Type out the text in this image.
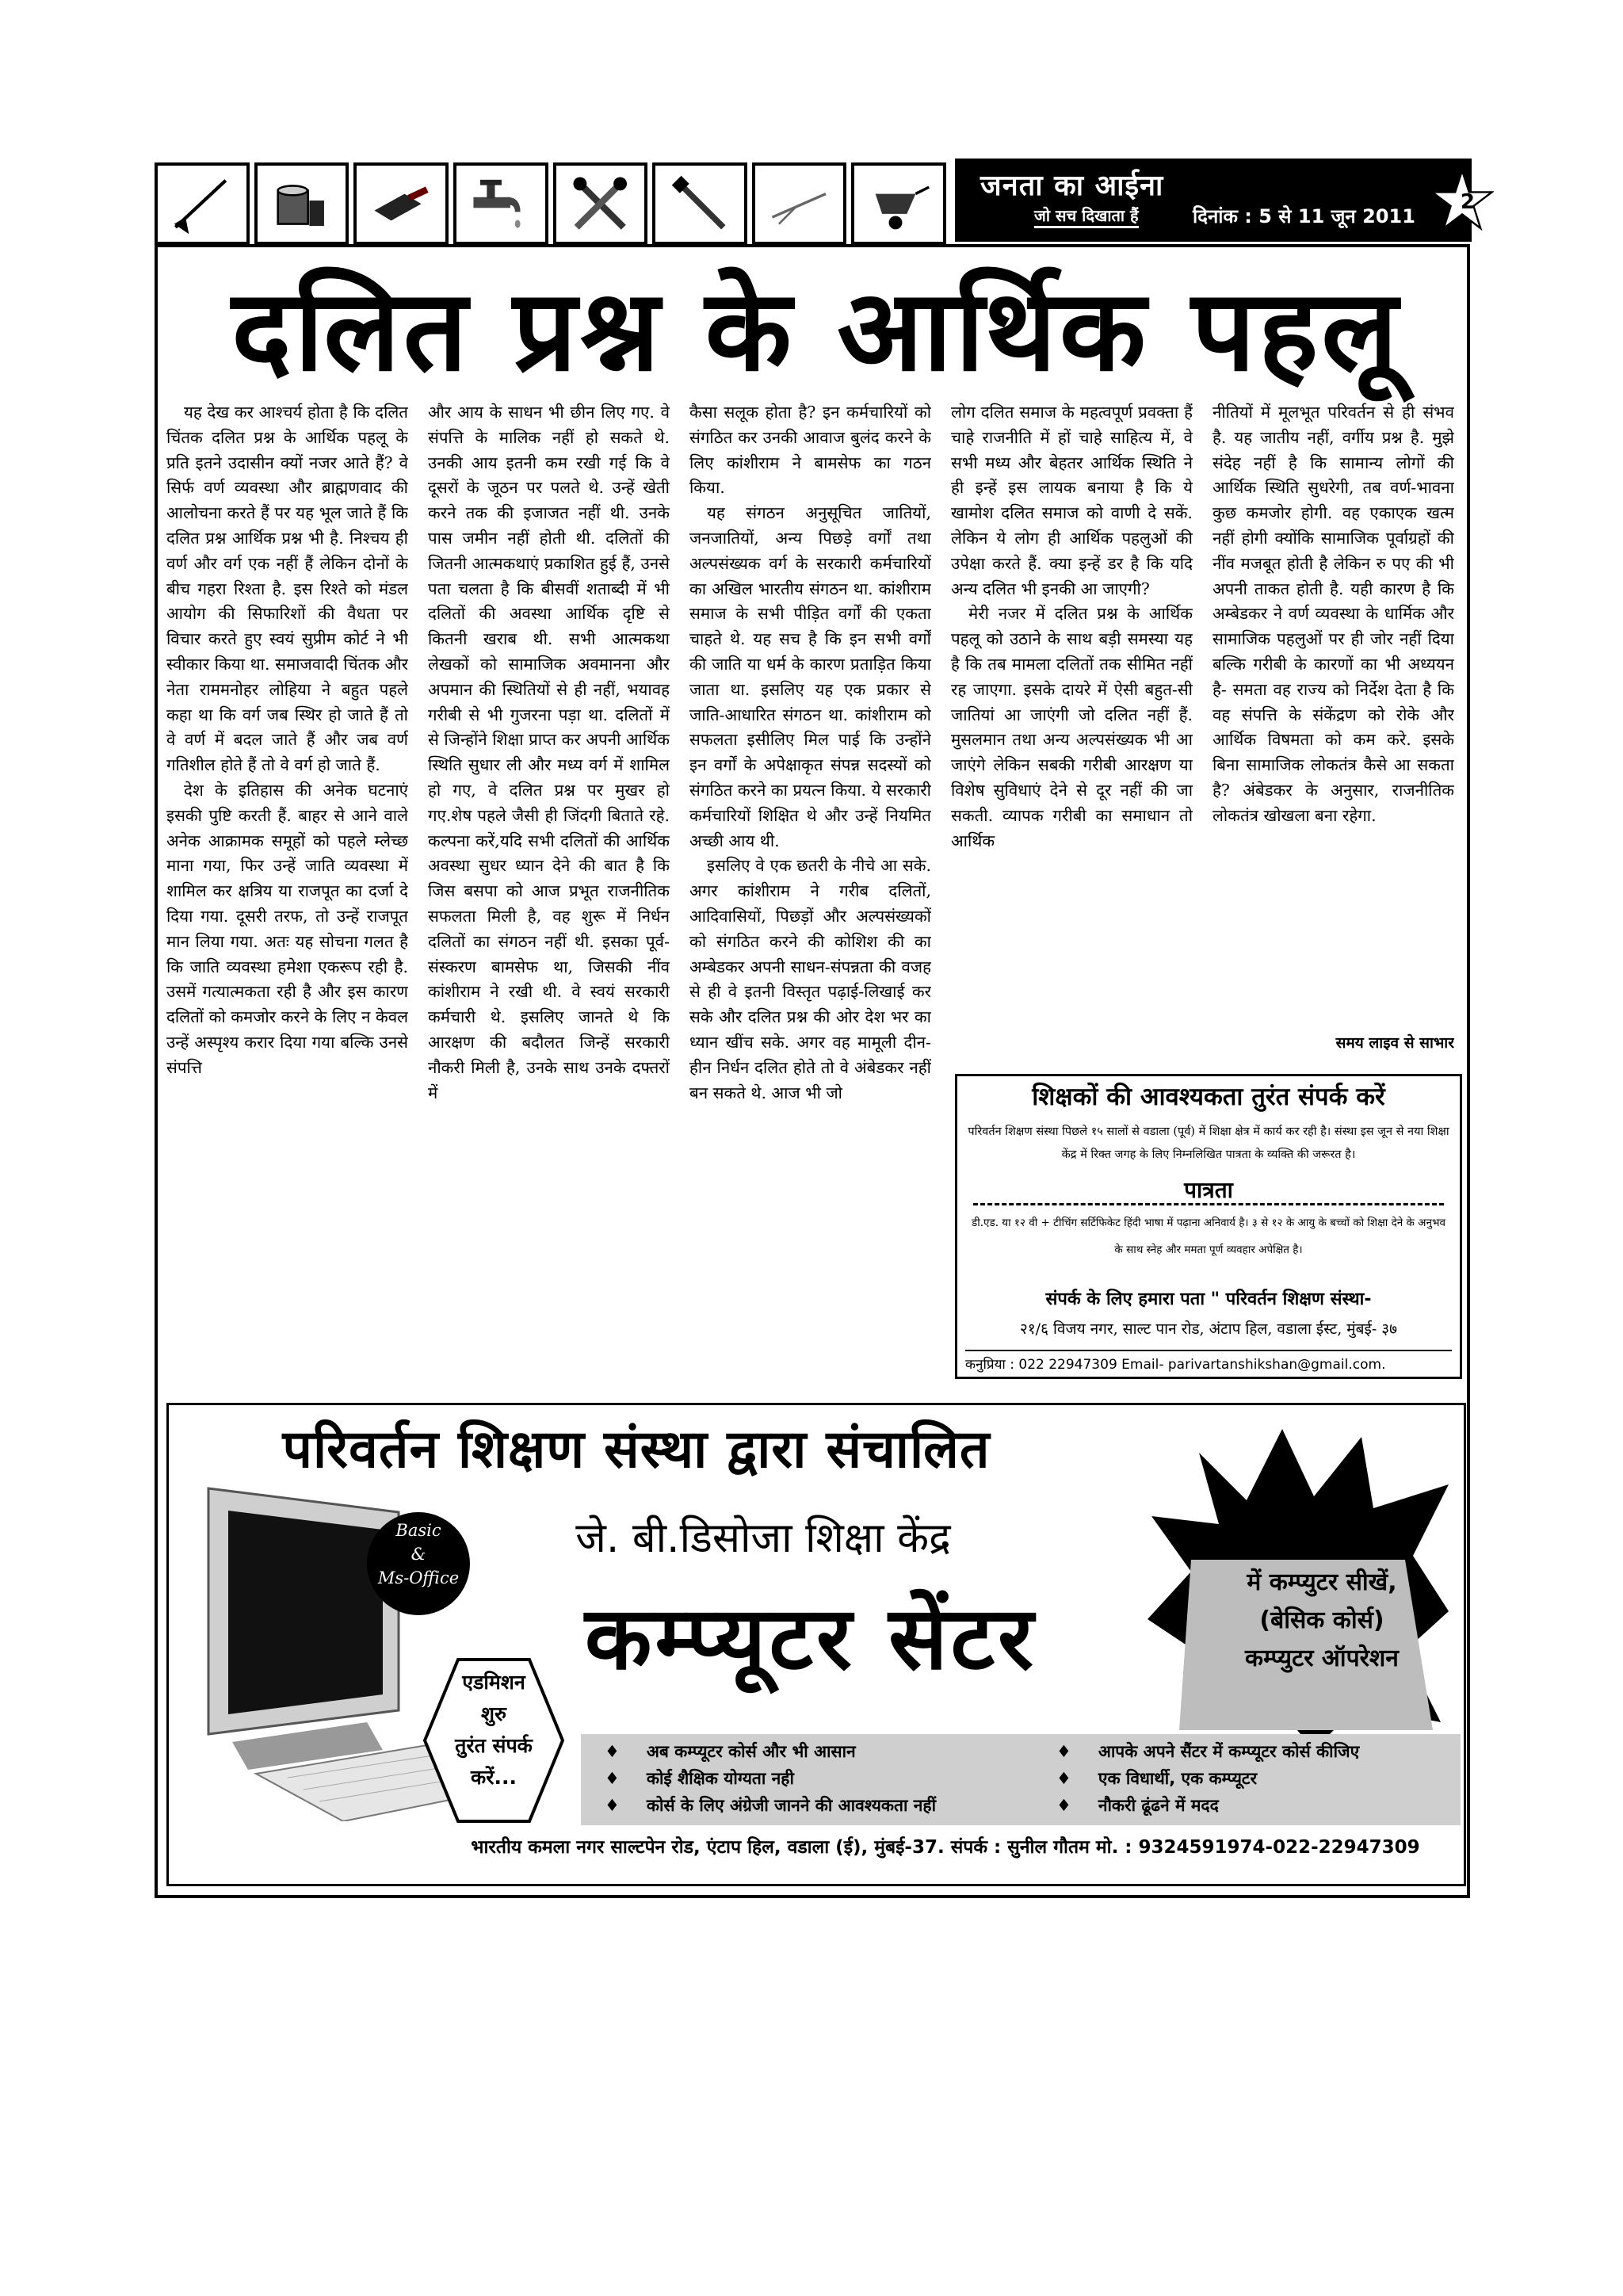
जनता का आईना
जो सच दिखाता हैं	दिनांक : 5 से 11 जून 2011
2
दलित प्रश्न के आर्थिक पहलू

यह देख कर आश्चर्य होता है कि दलित चिंतक दलित प्रश्न के आर्थिक पहलू के प्रति इतने उदासीन क्यों नजर आते हैं? वे सिर्फ वर्ण व्यवस्था और ब्राह्मणवाद की आलोचना करते हैं पर यह भूल जाते हैं कि दलित प्रश्न आर्थिक प्रश्न भी है. निश्चय ही वर्ण और वर्ग एक नहीं हैं लेकिन दोनों के बीच गहरा रिश्ता है. इस रिश्ते को मंडल आयोग की सिफारिशों की वैधता पर विचार करते हुए स्वयं सुप्रीम कोर्ट ने भी स्वीकार किया था. समाजवादी चिंतक और नेता राममनोहर लोहिया ने बहुत पहले कहा था कि वर्ग जब स्थिर हो जाते हैं तो वे वर्ण में बदल जाते हैं और जब वर्ण गतिशील होते हैं तो वे वर्ग हो जाते हैं.

देश के इतिहास की अनेक घटनाएं इसकी पुष्टि करती हैं. बाहर से आने वाले अनेक आक्रामक समूहों को पहले म्लेच्छ माना गया, फिर उन्हें जाति व्यवस्था में शामिल कर क्षत्रिय या राजपूत का दर्जा दे दिया गया. दूसरी तरफ, तो उन्हें राजपूत मान लिया गया. अतः यह सोचना गलत है कि जाति व्यवस्था हमेशा एकरूप रही है. उसमें गत्यात्मकता रही है और इस कारण दलितों को कमजोर करने के लिए न केवल उन्हें अस्पृश्य करार दिया गया बल्कि उनसे संपत्ति

और आय के साधन भी छीन लिए गए. वे संपत्ति के मालिक नहीं हो सकते थे. उनकी आय इतनी कम रखी गई कि वे दूसरों के जूठन पर पलते थे. उन्हें खेती करने तक की इजाजत नहीं थी. उनके पास जमीन नहीं होती थी. दलितों की जितनी आत्मकथाएं प्रकाशित हुई हैं, उनसे पता चलता है कि बीसवीं शताब्दी में भी दलितों की अवस्था आर्थिक दृष्टि से कितनी खराब थी. सभी आत्मकथा लेखकों को सामाजिक अवमानना और अपमान की स्थितियों से ही नहीं, भयावह गरीबी से भी गुजरना पड़ा था. दलितों में से जिन्होंने शिक्षा प्राप्त कर अपनी आर्थिक स्थिति सुधार ली और मध्य वर्ग में शामिल हो गए, वे दलित प्रश्न पर मुखर हो गए.शेष पहले जैसी ही जिंदगी बिताते रहे. कल्पना करें,यदि सभी दलितों की आर्थिक अवस्था सुधर ध्यान देने की बात है कि जिस बसपा को आज प्रभूत राजनीतिक सफलता मिली है, वह शुरू में निर्धन दलितों का संगठन नहीं थी. इसका पूर्व-संस्करण बामसेफ था, जिसकी नींव कांशीराम ने रखी थी. वे स्वयं सरकारी कर्मचारी थे. इसलिए जानते थे कि आरक्षण की बदौलत जिन्हें सरकारी नौकरी मिली है, उनके साथ उनके दफ्तरों में

कैसा सलूक होता है? इन कर्मचारियों को संगठित कर उनकी आवाज बुलंद करने के लिए कांशीराम ने बामसेफ का गठन किया.

यह संगठन अनुसूचित जातियों, जनजातियों, अन्य पिछड़े वर्गों तथा अल्पसंख्यक वर्ग के सरकारी कर्मचारियों का अखिल भारतीय संगठन था. कांशीराम समाज के सभी पीड़ित वर्गों की एकता चाहते थे. यह सच है कि इन सभी वर्गों की जाति या धर्म के कारण प्रताड़ित किया जाता था. इसलिए यह एक प्रकार से जाति-आधारित संगठन था. कांशीराम को सफलता इसीलिए मिल पाई कि उन्होंने इन वर्गों के अपेक्षाकृत संपन्न सदस्यों को संगठित करने का प्रयत्न किया. ये सरकारी कर्मचारियों शिक्षित थे और उन्हें नियमित अच्छी आय थी.

इसलिए वे एक छतरी के नीचे आ सके. अगर कांशीराम ने गरीब दलितों, आदिवासियों, पिछड़ों और अल्पसंख्यकों को संगठित करने की कोशिश की का अम्बेडकर अपनी साधन-संपन्नता की वजह से ही वे इतनी विस्तृत पढ़ाई-लिखाई कर सके और दलित प्रश्न की ओर देश भर का ध्यान खींच सके. अगर वह मामूली दीन-हीन निर्धन दलित होते तो वे अंबेडकर नहीं बन सकते थे. आज भी जो

लोग दलित समाज के महत्वपूर्ण प्रवक्ता हैं चाहे राजनीति में हों चाहे साहित्य में, वे सभी मध्य और बेहतर आर्थिक स्थिति ने ही इन्हें इस लायक बनाया है कि ये खामोश दलित समाज को वाणी दे सकें. लेकिन ये लोग ही आर्थिक पहलुओं की उपेक्षा करते हैं. क्या इन्हें डर है कि यदि अन्य दलित भी इनकी आ जाएगी?

मेरी नजर में दलित प्रश्न के आर्थिक पहलू को उठाने के साथ बड़ी समस्या यह है कि तब मामला दलितों तक सीमित नहीं रह जाएगा. इसके दायरे में ऐसी बहुत-सी जातियां आ जाएंगी जो दलित नहीं हैं. मुसलमान तथा अन्य अल्पसंख्यक भी आ जाएंगे लेकिन सबकी गरीबी आरक्षण या विशेष सुविधाएं देने से दूर नहीं की जा सकती. व्यापक गरीबी का समाधान तो आर्थिक

नीतियों में मूलभूत परिवर्तन से ही संभव है. यह जातीय नहीं, वर्गीय प्रश्न है. मुझे संदेह नहीं है कि सामान्य लोगों की आर्थिक स्थिति सुधरेगी, तब वर्ण-भावना कुछ कमजोर होगी. वह एकाएक खत्म नहीं होगी क्योंकि सामाजिक पूर्वाग्रहों की नींव मजबूत होती है लेकिन रु पए की भी अपनी ताकत होती है. यही कारण है कि अम्बेडकर ने वर्ण व्यवस्था के धार्मिक और सामाजिक पहलुओं पर ही जोर नहीं दिया बल्कि गरीबी के कारणों का भी अध्ययन है- समता वह राज्य को निर्देश देता है कि वह संपत्ति के संकेंद्रण को रोके और आर्थिक विषमता को कम करे. इसके बिना सामाजिक लोकतंत्र कैसे आ सकता है? अंबेडकर के अनुसार, राजनीतिक लोकतंत्र खोखला बना रहेगा.

समय लाइव से साभार
शिक्षकों की आवश्यकता तुरंत संपर्क करें
परिवर्तन शिक्षण संस्था पिछले १५ सालों से वडाला (पूर्व) में शिक्षा क्षेत्र में कार्य कर रही है। संस्था इस जून से नया शिक्षा केंद्र में रिक्त जगह के लिए निम्नलिखित पात्रता के व्यक्ति की जरूरत है।
पात्रता
डी.एड. या १२ वी + टीचिंग सर्टिफिकेट हिंदी भाषा में पढ़ाना अनिवार्य है। ३ से १२ के आयु के बच्चों को शिक्षा देने के अनुभव के साथ स्नेह और ममता पूर्ण व्यवहार अपेक्षित है।
संपर्क के लिए हमारा पता " परिवर्तन शिक्षण संस्था-
२१/६ विजय नगर, साल्ट पान रोड, अंटाप हिल, वडाला ईस्ट, मुंबई- ३७
कनुप्रिया : 022 22947309 Email- parivartanshikshan@gmail.com.
Basic
&
Ms-Office
परिवर्तन शिक्षण संस्था द्वारा संचालित
जे. बी.डिसोजा शिक्षा केंद्र
कम्प्यूटर सेंटर
एडमिशन
शुरु
तुरंत संपर्क
करें...
200 रुपये
में कम्प्युटर सीखें,
(बेसिक कोर्स)
कम्प्युटर ऑपरेशन
♦ अब कम्प्यूटर कोर्स और भी आसान
♦ कोई शैक्षिक योग्यता नही
♦ कोर्स के लिए अंग्रेजी जानने की आवश्यकता नहीं
♦ आपके अपने सैंटर में कम्प्यूटर कोर्स कीजिए
♦ एक विधार्थी, एक कम्प्यूटर
♦ नौकरी ढूंढने में मदद
भारतीय कमला नगर साल्टपेन रोड, एंटाप हिल, वडाला (ई), मुंबई-37. संपर्क : सुनील गौतम मो. : 9324591974-022-22947309
